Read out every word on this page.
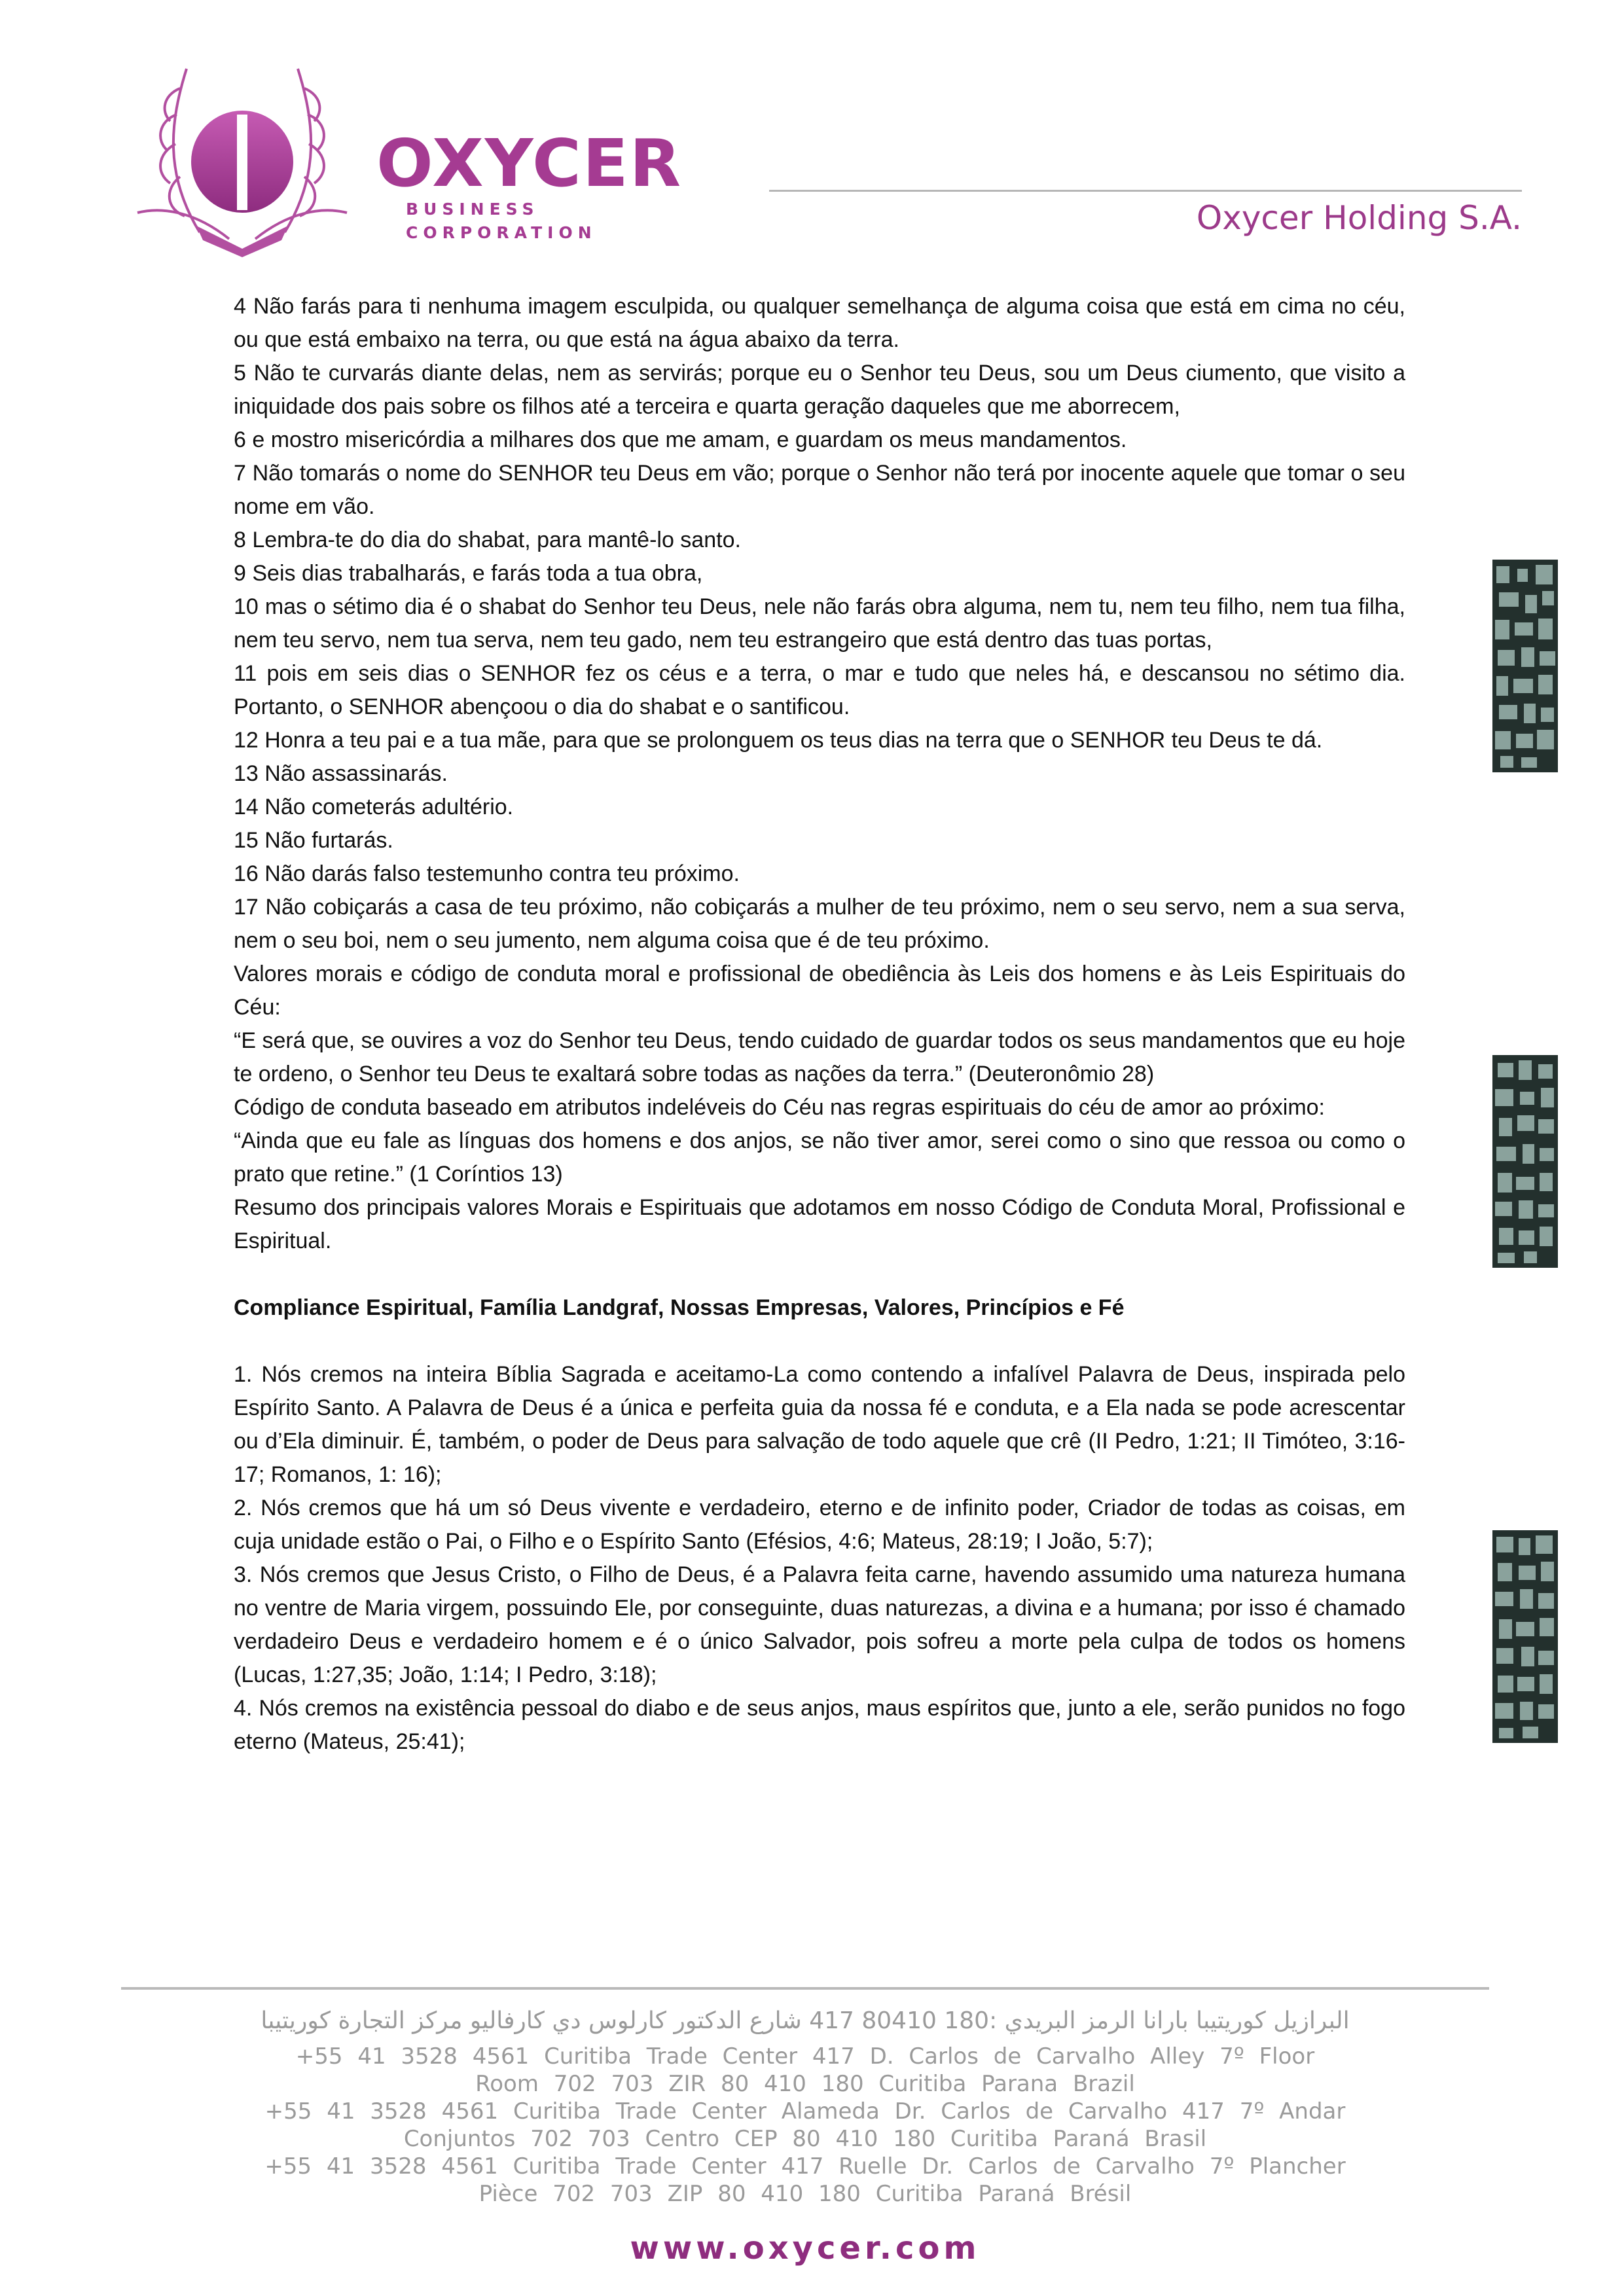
OXYCER
BUSINESS CORPORATION	Oxycer Holding S.A.

4 Não farás para ti nenhuma imagem esculpida, ou qualquer semelhança de alguma coisa que está em cima no céu, ou que está embaixo na terra, ou que está na água abaixo da terra.

5 Não te curvarás diante delas, nem as servirás; porque eu o Senhor teu Deus, sou um Deus ciumento, que visito a iniquidade dos pais sobre os filhos até a terceira e quarta geração daqueles que me aborrecem,

6 e mostro misericórdia a milhares dos que me amam, e guardam os meus mandamentos.

7 Não tomarás o nome do SENHOR teu Deus em vão; porque o Senhor não terá por inocente aquele que tomar o seu nome em vão.

8 Lembra-te do dia do shabat, para mantê-lo santo.

9 Seis dias trabalharás, e farás toda a tua obra,

10 mas o sétimo dia é o shabat do Senhor teu Deus, nele não farás obra alguma, nem tu, nem teu filho, nem tua filha, nem teu servo, nem tua serva, nem teu gado, nem teu estrangeiro que está dentro das tuas portas,

11 pois em seis dias o SENHOR fez os céus e a terra, o mar e tudo que neles há, e descansou no sétimo dia. Portanto, o SENHOR abençoou o dia do shabat e o santificou.

12 Honra a teu pai e a tua mãe, para que se prolonguem os teus dias na terra que o SENHOR teu Deus te dá.

13 Não assassinarás.

14 Não cometerás adultério.

15 Não furtarás.

16 Não darás falso testemunho contra teu próximo.

17 Não cobiçarás a casa de teu próximo, não cobiçarás a mulher de teu próximo, nem o seu servo, nem a sua serva, nem o seu boi, nem o seu jumento, nem alguma coisa que é de teu próximo.

Valores morais e código de conduta moral e profissional de obediência às Leis dos homens e às Leis Espirituais do Céu:

“E será que, se ouvires a voz do Senhor teu Deus, tendo cuidado de guardar todos os seus mandamentos que eu hoje te ordeno, o Senhor teu Deus te exaltará sobre todas as nações da terra.” (Deuteronômio 28)

Código de conduta baseado em atributos indeléveis do Céu nas regras espirituais do céu de amor ao próximo:

“Ainda que eu fale as línguas dos homens e dos anjos, se não tiver amor, serei como o sino que ressoa ou como o prato que retine.” (1 Coríntios 13)

Resumo dos principais valores Morais e Espirituais que adotamos em nosso Código de Conduta Moral, Profissional e Espiritual.

Compliance Espiritual, Família Landgraf, Nossas Empresas, Valores, Princípios e Fé

1. Nós cremos na inteira Bíblia Sagrada e aceitamo-La como contendo a infalível Palavra de Deus, inspirada pelo Espírito Santo. A Palavra de Deus é a única e perfeita guia da nossa fé e conduta, e a Ela nada se pode acrescentar ou d’Ela diminuir. É, também, o poder de Deus para salvação de todo aquele que crê (II Pedro, 1:21; II Timóteo, 3:16-17; Romanos, 1: 16);

2. Nós cremos que há um só Deus vivente e verdadeiro, eterno e de infinito poder, Criador de todas as coisas, em cuja unidade estão o Pai, o Filho e o Espírito Santo (Efésios, 4:6; Mateus, 28:19; I João, 5:7);

3. Nós cremos que Jesus Cristo, o Filho de Deus, é a Palavra feita carne, havendo assumido uma natureza humana no ventre de Maria virgem, possuindo Ele, por conseguinte, duas naturezas, a divina e a humana; por isso é chamado verdadeiro Deus e verdadeiro homem e é o único Salvador, pois sofreu a morte pela culpa de todos os homens (Lucas, 1:27,35; João, 1:14; I Pedro, 3:18);

4. Nós cremos na existência pessoal do diabo e de seus anjos, maus espíritos que, junto a ele, serão punidos no fogo eterno (Mateus, 25:41);

البرازيل كوريتيبا بارانا الرمز البريدي :180 80410 417 شارع الدكتور كارلوس دي كارفاليو مركز التجارة كوريتيبا
+55 41 3528 4561 Curitiba Trade Center 417 D. Carlos de Carvalho Alley 7º Floor
Room 702 703 ZIR 80 410 180 Curitiba Parana Brazil
+55 41 3528 4561 Curitiba Trade Center Alameda Dr. Carlos de Carvalho 417 7º Andar
Conjuntos 702 703 Centro CEP 80 410 180 Curitiba Paraná Brasil
+55 41 3528 4561 Curitiba Trade Center 417 Ruelle Dr. Carlos de Carvalho 7º Plancher
Pièce 702 703 ZIP 80 410 180 Curitiba Paraná Brésil
www.oxycer.com
